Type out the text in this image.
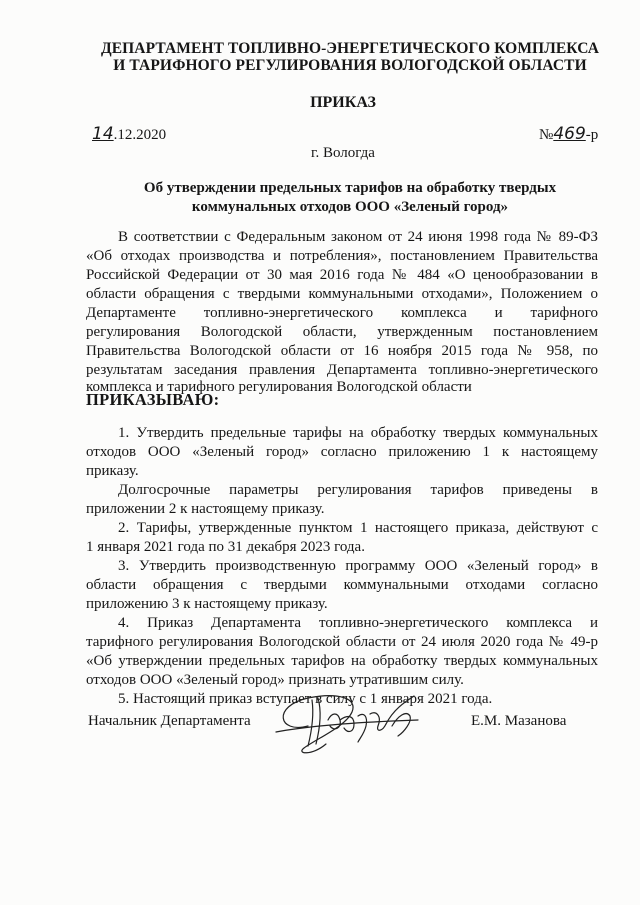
ДЕПАРТАМЕНТ ТОПЛИВНО-ЭНЕРГЕТИЧЕСКОГО КОМПЛЕКСА
И ТАРИФНОГО РЕГУЛИРОВАНИЯ ВОЛОГОДСКОЙ ОБЛАСТИ
ПРИКАЗ
14.12.2020	№469-р
г. Вологда
Об утверждении предельных тарифов на обработку твердых
коммунальных отходов ООО «Зеленый город»
В соответствии с Федеральным законом от 24 июня 1998 года № 89-ФЗ
«Об отходах производства и потребления», постановлением Правительства
Российской Федерации от 30 мая 2016 года № 484 «О ценообразовании в
области обращения с твердыми коммунальными отходами», Положением о
Департаменте топливно-энергетического комплекса и тарифного
регулирования Вологодской области, утвержденным постановлением
Правительства Вологодской области от 16 ноября 2015 года № 958, по
результатам заседания правления Департамента топливно-энергетического
комплекса и тарифного регулирования Вологодской области
ПРИКАЗЫВАЮ:
1. Утвердить предельные тарифы на обработку твердых коммунальных
отходов ООО «Зеленый город» согласно приложению 1 к настоящему
приказу.
Долгосрочные параметры регулирования тарифов приведены в
приложении 2 к настоящему приказу.
2. Тарифы, утвержденные пунктом 1 настоящего приказа, действуют с
1 января 2021 года по 31 декабря 2023 года.
3. Утвердить производственную программу ООО «Зеленый город» в
области обращения с твердыми коммунальными отходами согласно
приложению 3 к настоящему приказу.
4. Приказ Департамента топливно-энергетического комплекса и
тарифного регулирования Вологодской области от 24 июля 2020 года № 49-р
«Об утверждении предельных тарифов на обработку твердых коммунальных
отходов ООО «Зеленый город» признать утратившим силу.
5. Настоящий приказ вступает в силу с 1 января 2021 года.
Начальник Департамента	Е.М. Мазанова
